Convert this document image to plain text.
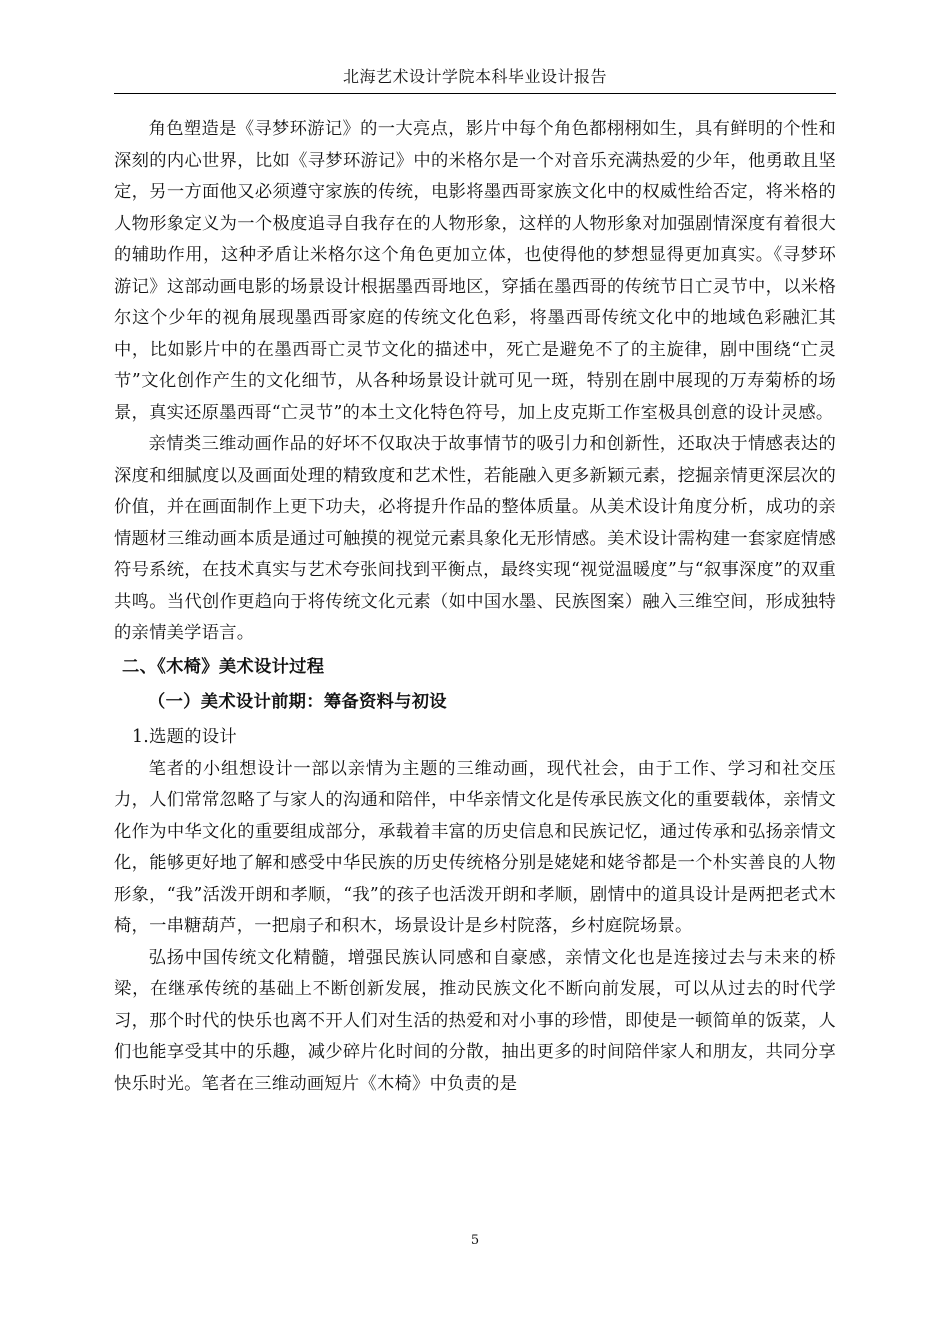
北海艺术设计学院本科毕业设计报告

角色塑造是《寻梦环游记》的一大亮点，影片中每个角色都栩栩如生，具有鲜明的个性和深刻的内心世界，比如《寻梦环游记》中的米格尔是一个对音乐充满热爱的少年，他勇敢且坚定，另一方面他又必须遵守家族的传统，电影将墨西哥家族文化中的权威性给否定，将米格的人物形象定义为一个极度追寻自我存在的人物形象，这样的人物形象对加强剧情深度有着很大的辅助作用，这种矛盾让米格尔这个角色更加立体，也使得他的梦想显得更加真实。《寻梦环游记》这部动画电影的场景设计根据墨西哥地区，穿插在墨西哥的传统节日亡灵节中，以米格尔这个少年的视角展现墨西哥家庭的传统文化色彩，将墨西哥传统文化中的地域色彩融汇其中，比如影片中的在墨西哥亡灵节文化的描述中，死亡是避免不了的主旋律，剧中围绕“亡灵节”文化创作产生的文化细节，从各种场景设计就可见一斑，特别在剧中展现的万寿菊桥的场景，真实还原墨西哥“亡灵节”的本土文化特色符号，加上皮克斯工作室极具创意的设计灵感。

亲情类三维动画作品的好坏不仅取决于故事情节的吸引力和创新性，还取决于情感表达的深度和细腻度以及画面处理的精致度和艺术性，若能融入更多新颖元素，挖掘亲情更深层次的价值，并在画面制作上更下功夫，必将提升作品的整体质量。从美术设计角度分析，成功的亲情题材三维动画本质是通过可触摸的视觉元素具象化无形情感。美术设计需构建一套家庭情感符号系统，在技术真实与艺术夸张间找到平衡点，最终实现“视觉温暖度”与“叙事深度”的双重共鸣。当代创作更趋向于将传统文化元素（如中国水墨、民族图案）融入三维空间，形成独特的亲情美学语言。

二、《木椅》美术设计过程

（一）美术设计前期：筹备资料与初设

1.选题的设计

笔者的小组想设计一部以亲情为主题的三维动画，现代社会，由于工作、学习和社交压力，人们常常忽略了与家人的沟通和陪伴，中华亲情文化是传承民族文化的重要载体，亲情文化作为中华文化的重要组成部分，承载着丰富的历史信息和民族记忆，通过传承和弘扬亲情文化，能够更好地了解和感受中华民族的历史传统格分别是姥姥和姥爷都是一个朴实善良的人物形象，“我”活泼开朗和孝顺，“我”的孩子也活泼开朗和孝顺，剧情中的道具设计是两把老式木椅，一串糖葫芦，一把扇子和积木，场景设计是乡村院落，乡村庭院场景。

弘扬中国传统文化精髓，增强民族认同感和自豪感，亲情文化也是连接过去与未来的桥梁，在继承传统的基础上不断创新发展，推动民族文化不断向前发展，可以从过去的时代学习，那个时代的快乐也离不开人们对生活的热爱和对小事的珍惜，即使是一顿简单的饭菜，人们也能享受其中的乐趣，减少碎片化时间的分散，抽出更多的时间陪伴家人和朋友，共同分享快乐时光。笔者在三维动画短片《木椅》中负责的是

5
